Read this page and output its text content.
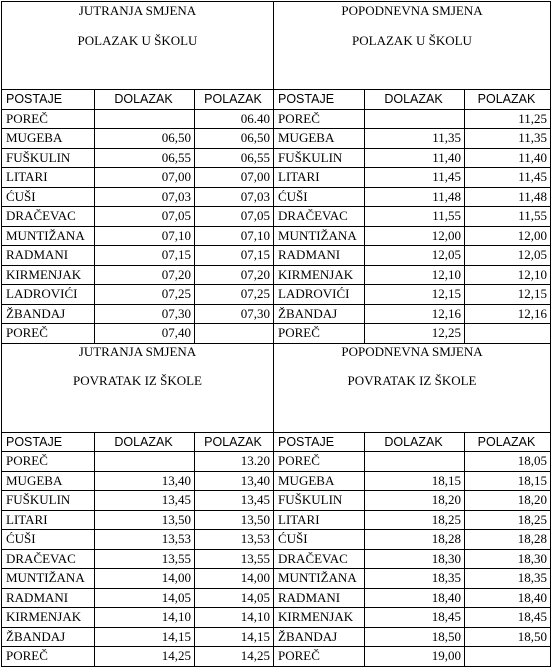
JUTRANJA SMJENA
POLAZAK U ŠKOLU			POPODNEVNA SMJENA
POLAZAK U ŠKOLU		

POSTAJE	DOLAZAK	POLAZAK	POSTAJE	DOLAZAK	POLAZAK
POREČ		06.40	POREČ		11,25
MUGEBA	06,50	06,50	MUGEBA	11,35	11,35
FUŠKULIN	06,55	06,55	FUŠKULIN	11,40	11,40
LITARI	07,00	07,00	LITARI	11,45	11,45
ĆUŠI	07,03	07,03	ĆUŠI	11,48	11,48
DRAČEVAC	07,05	07,05	DRAČEVAC	11,55	11,55
MUNTIŽANA	07,10	07,10	MUNTIŽANA	12,00	12,00
RADMANI	07,15	07,15	RADMANI	12,05	12,05
KIRMENJAK	07,20	07,20	KIRMENJAK	12,10	12,10
LADROVIĆI	07,25	07,25	LADROVIĆI	12,15	12,15
ŽBANDAJ	07,30	07,30	ŽBANDAJ	12,16	12,16
POREČ	07,40		POREČ	12,25	

JUTRANJA SMJENA
POVRATAK IZ ŠKOLE			POPODNEVNA SMJENA
POVRATAK IZ ŠKOLE		

POSTAJE	DOLAZAK	POLAZAK	POSTAJE	DOLAZAK	POLAZAK
POREČ		13.20	POREČ		18,05
MUGEBA	13,40	13,40	MUGEBA	18,15	18,15
FUŠKULIN	13,45	13,45	FUŠKULIN	18,20	18,20
LITARI	13,50	13,50	LITARI	18,25	18,25
ĆUŠI	13,53	13,53	ĆUŠI	18,28	18,28
DRAČEVAC	13,55	13,55	DRAČEVAC	18,30	18,30
MUNTIŽANA	14,00	14,00	MUNTIŽANA	18,35	18,35
RADMANI	14,05	14,05	RADMANI	18,40	18,40
KIRMENJAK	14,10	14,10	KIRMENJAK	18,45	18,45
ŽBANDAJ	14,15	14,15	ŽBANDAJ	18,50	18,50
POREČ	14,25	14,25	POREČ	19,00	
